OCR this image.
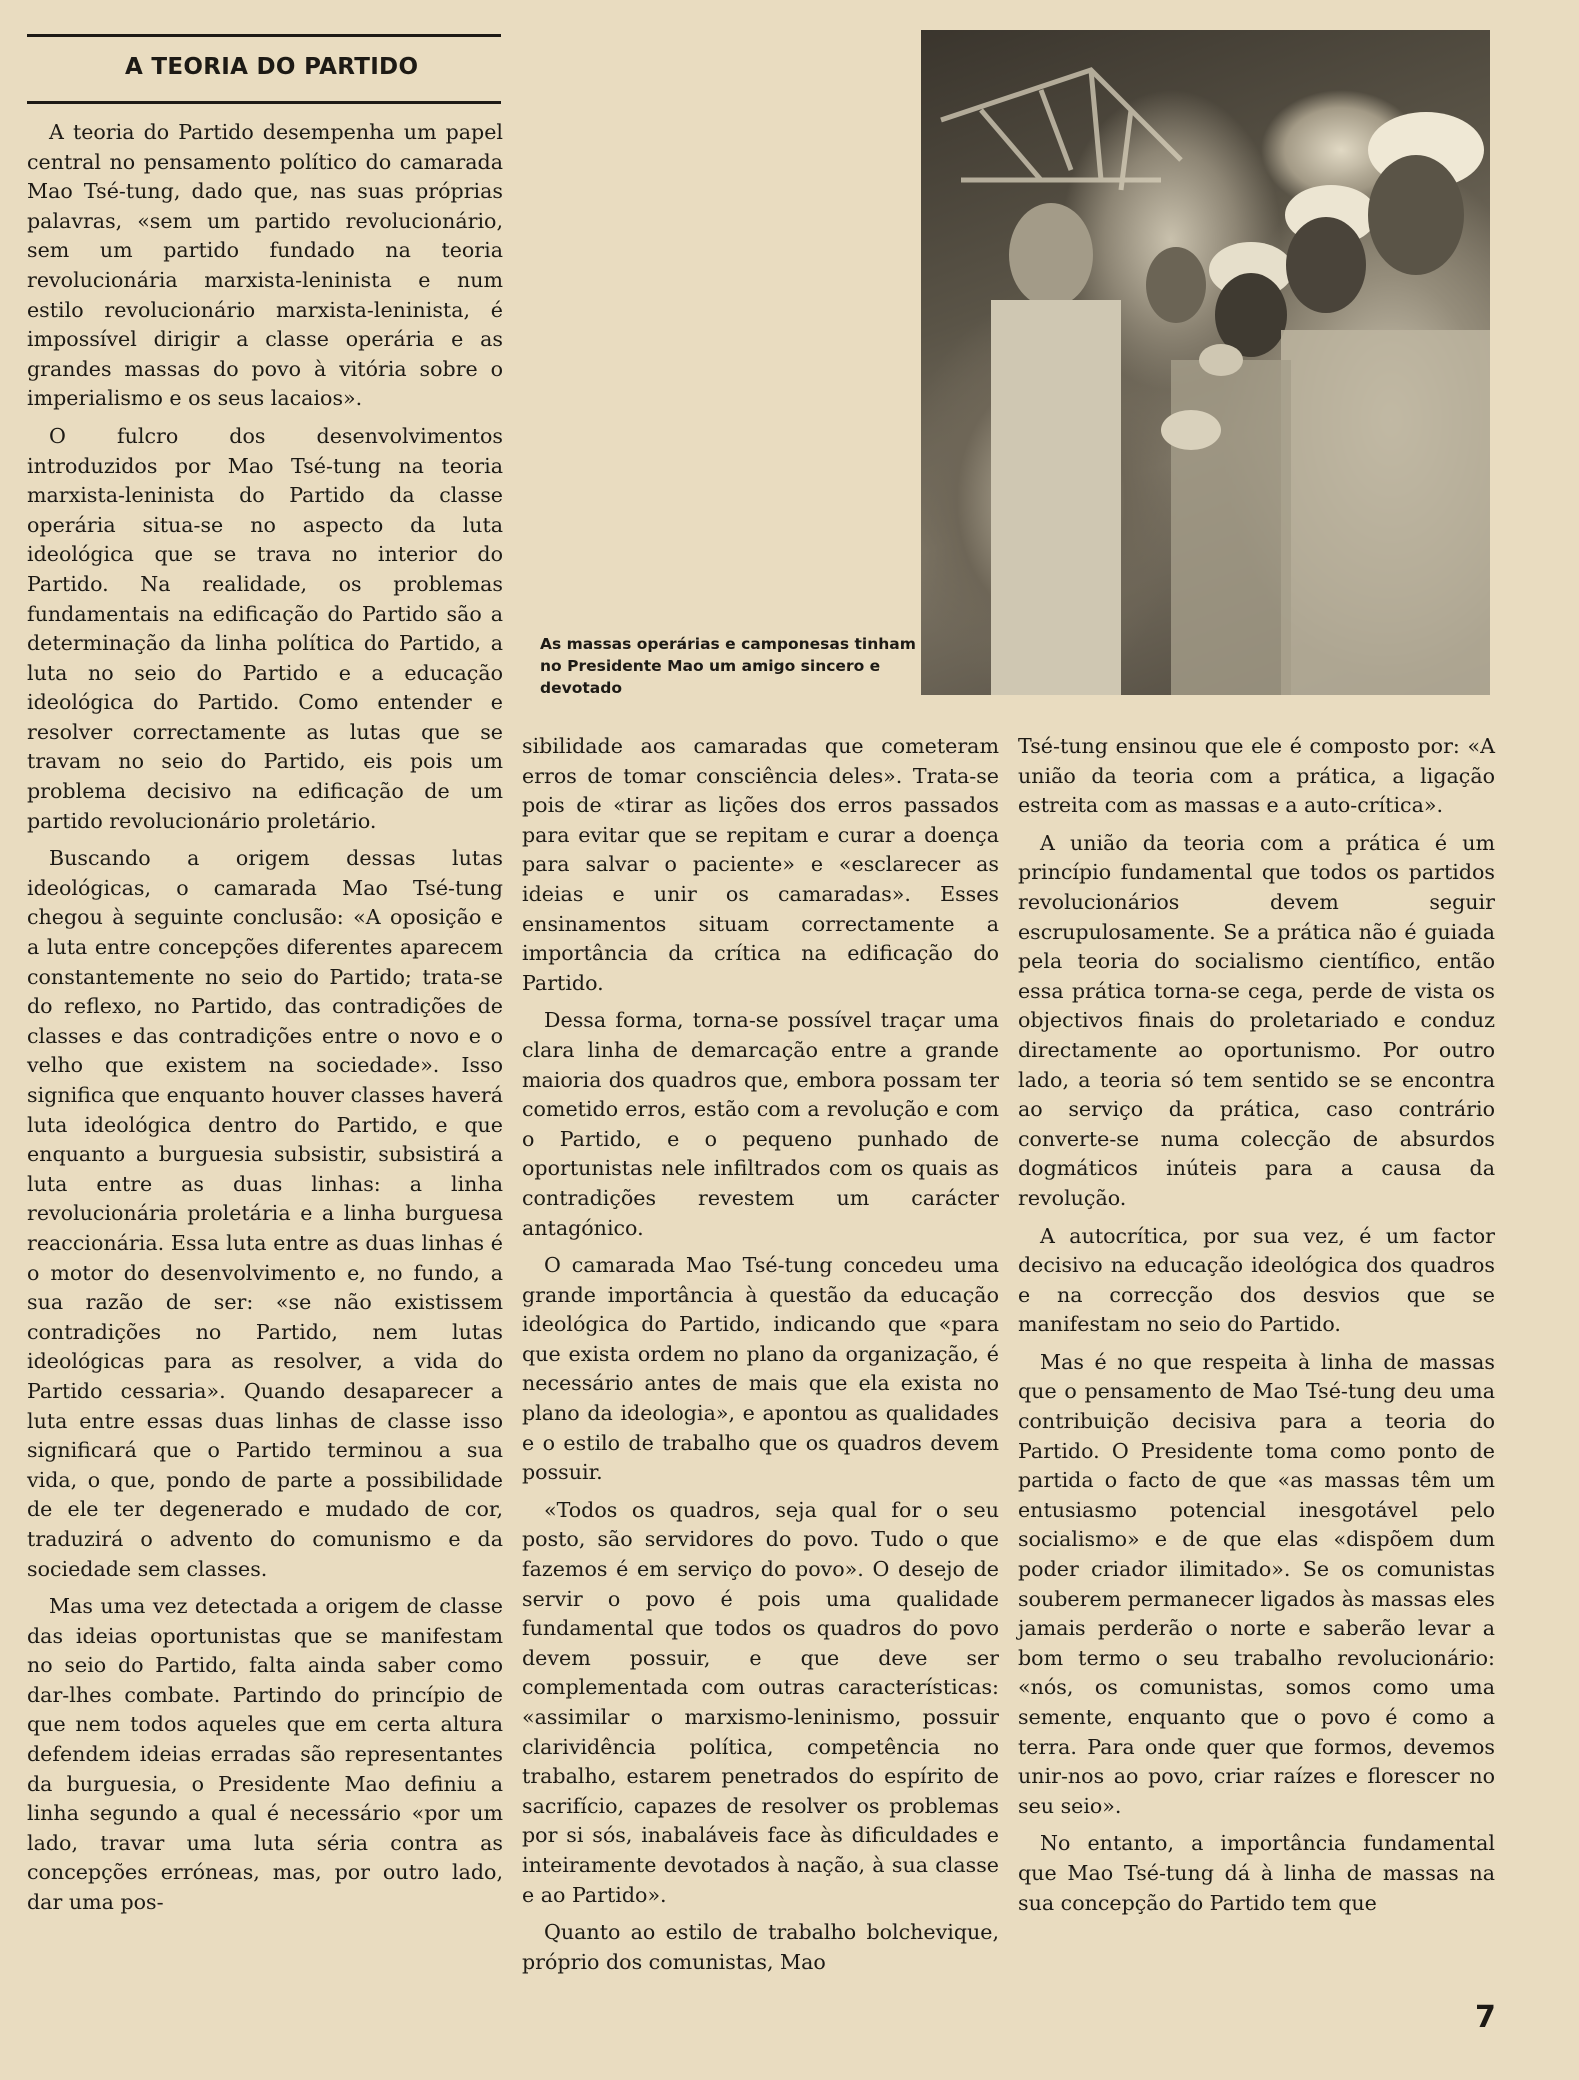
A TEORIA DO PARTIDO

A teoria do Partido desempenha um papel central no pensamento político do camarada Mao Tsé-tung, dado que, nas suas próprias palavras, «sem um partido revolucionário, sem um partido fundado na teoria revolucionária marxista-leninista e num estilo revolucionário marxista-leninista, é impossível dirigir a classe operária e as grandes massas do povo à vitória sobre o imperialismo e os seus lacaios».

O fulcro dos desenvolvimentos introduzidos por Mao Tsé-tung na teoria marxista-leninista do Partido da classe operária situa-se no aspecto da luta ideológica que se trava no interior do Partido. Na realidade, os problemas fundamentais na edificação do Partido são a determinação da linha política do Partido, a luta no seio do Partido e a educação ideológica do Partido. Como entender e resolver correctamente as lutas que se travam no seio do Partido, eis pois um problema decisivo na edificação de um partido revolucionário proletário.

Buscando a origem dessas lutas ideológicas, o camarada Mao Tsé-tung chegou à seguinte conclusão: «A oposição e a luta entre concepções diferentes aparecem constantemente no seio do Partido; trata-se do reflexo, no Partido, das contradições de classes e das contradições entre o novo e o velho que existem na sociedade». Isso significa que enquanto houver classes haverá luta ideológica dentro do Partido, e que enquanto a burguesia subsistir, subsistirá a luta entre as duas linhas: a linha revolucionária proletária e a linha burguesa reaccionária. Essa luta entre as duas linhas é o motor do desenvolvimento e, no fundo, a sua razão de ser: «se não existissem contradições no Partido, nem lutas ideológicas para as resolver, a vida do Partido cessaria». Quando desaparecer a luta entre essas duas linhas de classe isso significará que o Partido terminou a sua vida, o que, pondo de parte a possibilidade de ele ter degenerado e mudado de cor, traduzirá o advento do comunismo e da sociedade sem classes.

Mas uma vez detectada a origem de classe das ideias oportunistas que se manifestam no seio do Partido, falta ainda saber como dar-lhes combate. Partindo do princípio de que nem todos aqueles que em certa altura defendem ideias erradas são representantes da burguesia, o Presidente Mao definiu a linha segundo a qual é necessário «por um lado, travar uma luta séria contra as concepções erróneas, mas, por outro lado, dar uma pos-

As massas operárias e camponesas tinham no Presidente Mao um amigo sincero e devotado

sibilidade aos camaradas que cometeram erros de tomar consciência deles». Trata-se pois de «tirar as lições dos erros passados para evitar que se repitam e curar a doença para salvar o paciente» e «esclarecer as ideias e unir os camaradas». Esses ensinamentos situam correctamente a importância da crítica na edificação do Partido.

Dessa forma, torna-se possível traçar uma clara linha de demarcação entre a grande maioria dos quadros que, embora possam ter cometido erros, estão com a revolução e com o Partido, e o pequeno punhado de oportunistas nele infiltrados com os quais as contradições revestem um carácter antagónico.

O camarada Mao Tsé-tung concedeu uma grande importância à questão da educação ideológica do Partido, indicando que «para que exista ordem no plano da organização, é necessário antes de mais que ela exista no plano da ideologia», e apontou as qualidades e o estilo de trabalho que os quadros devem possuir.

«Todos os quadros, seja qual for o seu posto, são servidores do povo. Tudo o que fazemos é em serviço do povo». O desejo de servir o povo é pois uma qualidade fundamental que todos os quadros do povo devem possuir, e que deve ser complementada com outras características: «assimilar o marxismo-leninismo, possuir clarividência política, competência no trabalho, estarem penetrados do espírito de sacrifício, capazes de resolver os problemas por si sós, inabaláveis face às dificuldades e inteiramente devotados à nação, à sua classe e ao Partido».

Quanto ao estilo de trabalho bolchevique, próprio dos comunistas, Mao

Tsé-tung ensinou que ele é composto por: «A união da teoria com a prática, a ligação estreita com as massas e a auto-crítica».

A união da teoria com a prática é um princípio fundamental que todos os partidos revolucionários devem seguir escrupulosamente. Se a prática não é guiada pela teoria do socialismo científico, então essa prática torna-se cega, perde de vista os objectivos finais do proletariado e conduz directamente ao oportunismo. Por outro lado, a teoria só tem sentido se se encontra ao serviço da prática, caso contrário converte-se numa colecção de absurdos dogmáticos inúteis para a causa da revolução.

A autocrítica, por sua vez, é um factor decisivo na educação ideológica dos quadros e na correcção dos desvios que se manifestam no seio do Partido.

Mas é no que respeita à linha de massas que o pensamento de Mao Tsé-tung deu uma contribuição decisiva para a teoria do Partido. O Presidente toma como ponto de partida o facto de que «as massas têm um entusiasmo potencial inesgotável pelo socialismo» e de que elas «dispõem dum poder criador ilimitado». Se os comunistas souberem permanecer ligados às massas eles jamais perderão o norte e saberão levar a bom termo o seu trabalho revolucionário: «nós, os comunistas, somos como uma semente, enquanto que o povo é como a terra. Para onde quer que formos, devemos unir-nos ao povo, criar raízes e florescer no seu seio».

No entanto, a importância fundamental que Mao Tsé-tung dá à linha de massas na sua concepção do Partido tem que

7
